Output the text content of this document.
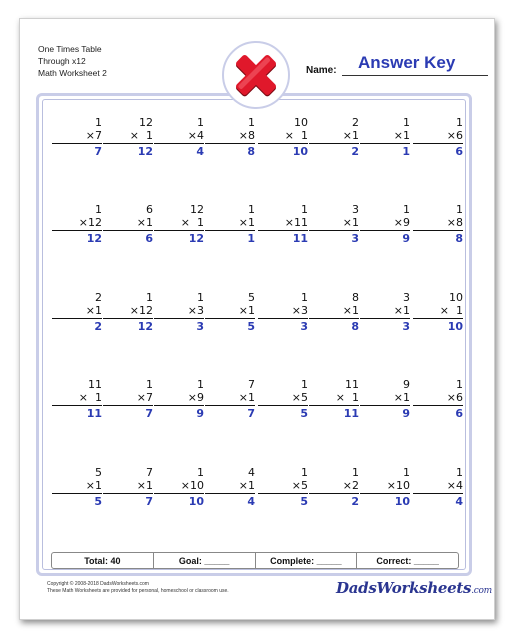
One Times Table
Through x12
Math Worksheet 2	Name: Answer Key
1
×7
7
12
×  1
12
1
×4
4
1
×8
8
10
×  1
10
2
×1
2
1
×1
1
1
×6
6
1
×12
12
6
×1
6
12
×  1
12
1
×1
1
1
×11
11
3
×1
3
1
×9
9
1
×8
8
2
×1
2
1
×12
12
1
×3
3
5
×1
5
1
×3
3
8
×1
8
3
×1
3
10
×  1
10
11
×  1
11
1
×7
7
1
×9
9
7
×1
7
1
×5
5
11
×  1
11
9
×1
9
1
×6
6
5
×1
5
7
×1
7
1
×10
10
4
×1
4
1
×5
5
1
×2
2
1
×10
10
1
×4
4
Total: 40	Goal: _____	Complete: _____	Correct: _____
Copyright © 2008-2018 DadsWorksheets.com
These Math Worksheets are provided for personal, homeschool or classroom use.	DadsWorksheets.com
